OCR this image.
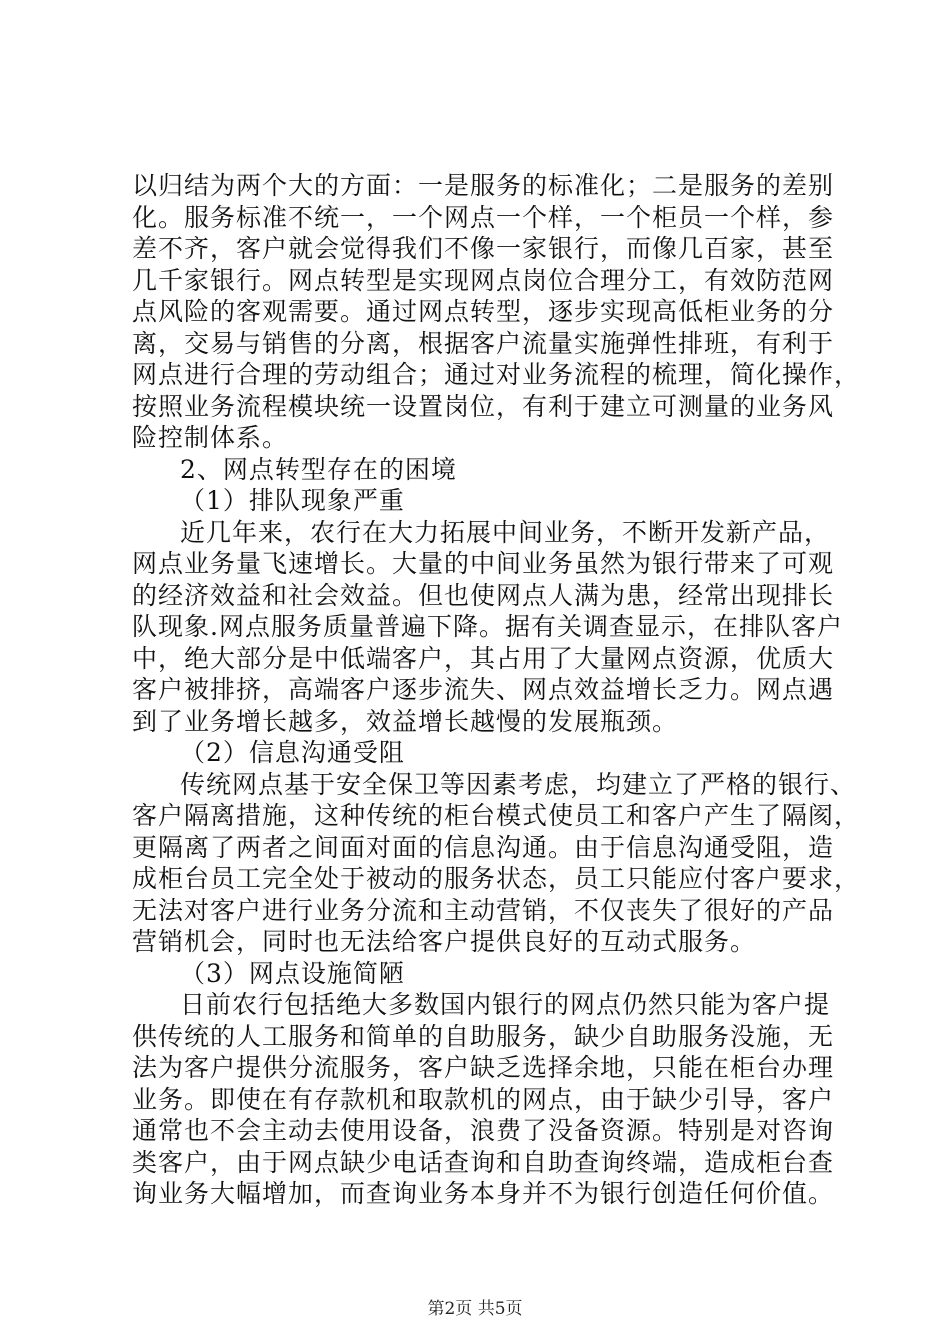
以归结为两个大的方面：一是服务的标准化；二是服务的差别
化。服务标准不统一，一个网点一个样，一个柜员一个样，参
差不齐，客户就会觉得我们不像一家银行，而像几百家，甚至
几千家银行。网点转型是实现网点岗位合理分工，有效防范网
点风险的客观需要。通过网点转型，逐步实现高低柜业务的分
离，交易与销售的分离，根据客户流量实施弹性排班，有利于
网点进行合理的劳动组合；通过对业务流程的梳理，简化操作，
按照业务流程模块统一设置岗位，有利于建立可测量的业务风
险控制体系。
2、网点转型存在的困境
（1）排队现象严重
近几年来，农行在大力拓展中间业务，不断开发新产品，
网点业务量飞速增长。大量的中间业务虽然为银行带来了可观
的经济效益和社会效益。但也使网点人满为患，经常出现排长
队现象.网点服务质量普遍下降。据有关调查显示，在排队客户
中，绝大部分是中低端客户，其占用了大量网点资源，优质大
客户被排挤，高端客户逐步流失、网点效益增长乏力。网点遇
到了业务增长越多，效益增长越慢的发展瓶颈。
（2）信息沟通受阻
传统网点基于安全保卫等因素考虑，均建立了严格的银行、
客户隔离措施，这种传统的柜台模式使员工和客户产生了隔阂，
更隔离了两者之间面对面的信息沟通。由于信息沟通受阻，造
成柜台员工完全处于被动的服务状态，员工只能应付客户要求，
无法对客户进行业务分流和主动营销，不仅丧失了很好的产品
营销机会，同时也无法给客户提供良好的互动式服务。
（3）网点设施简陋
日前农行包括绝大多数国内银行的网点仍然只能为客户提
供传统的人工服务和简单的自助服务，缺少自助服务没施，无
法为客户提供分流服务，客户缺乏选择余地，只能在柜台办理
业务。即使在有存款机和取款机的网点，由于缺少引导，客户
通常也不会主动去使用设备，浪费了没备资源。特别是对咨询
类客户，由于网点缺少电话查询和自助查询终端，造成柜台查
询业务大幅增加，而查询业务本身并不为银行创造任何价值。
第2页 共5页
